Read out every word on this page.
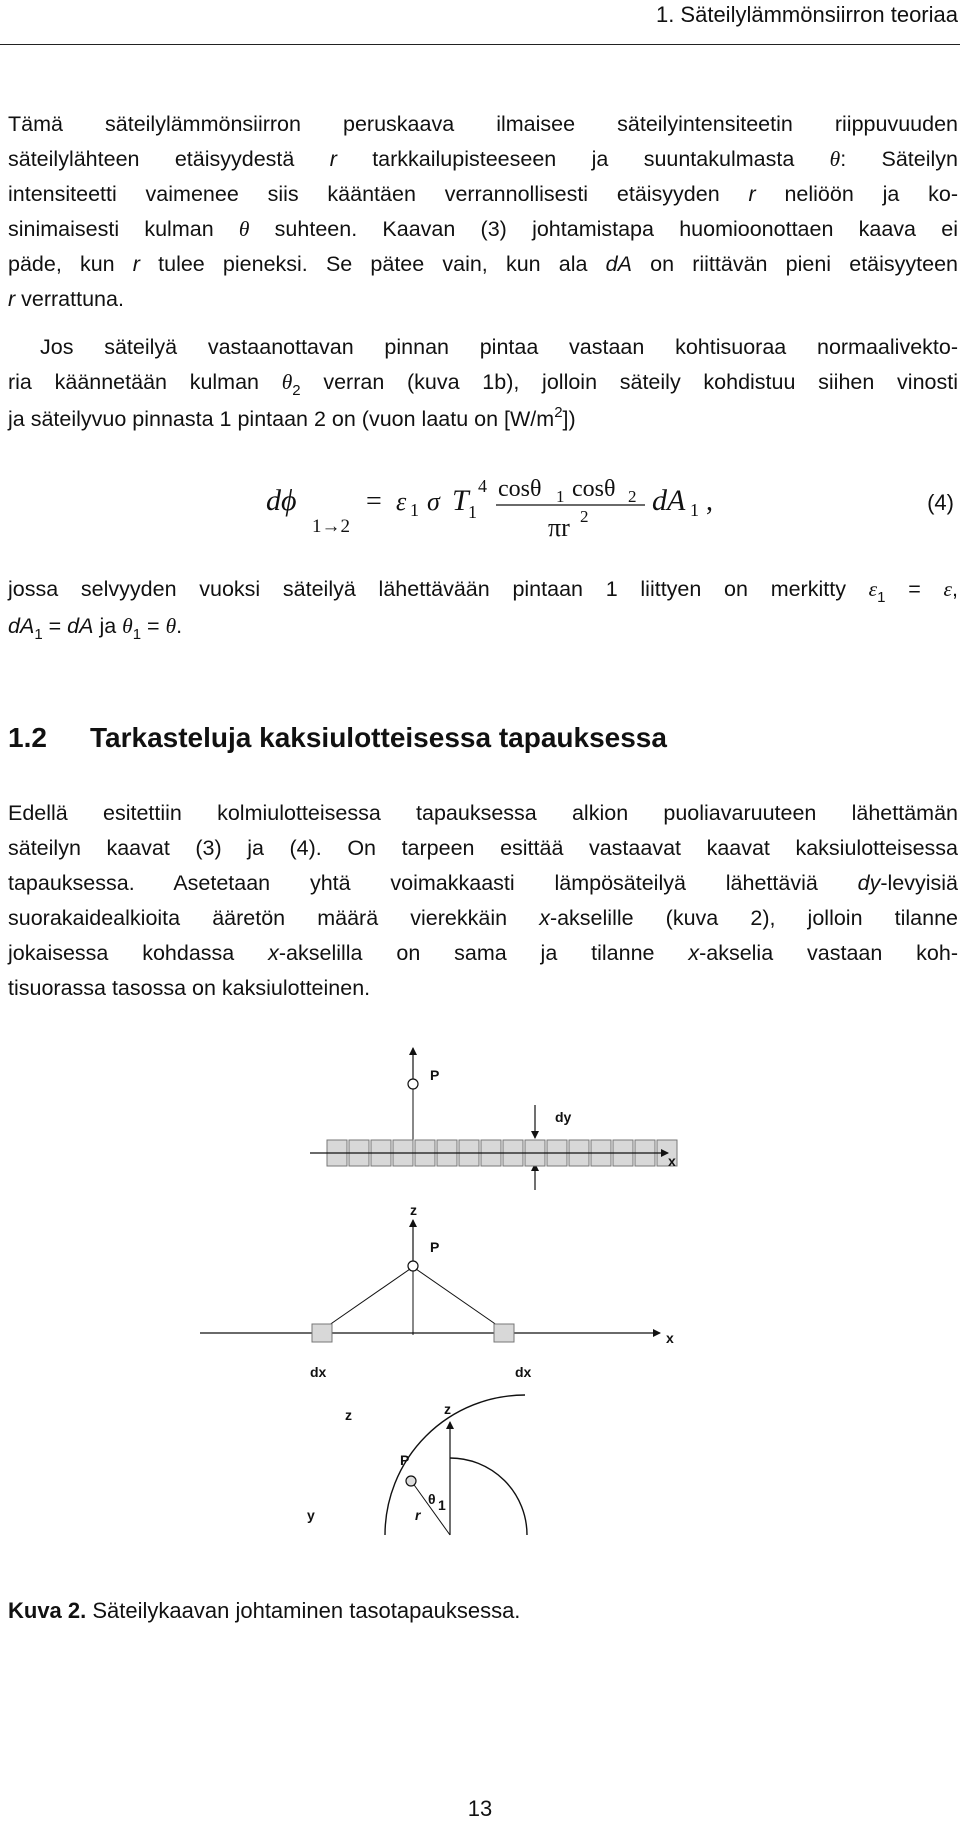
1. Säteilylämmönsiirron teoriaa

Tämä säteilylämmönsiirron peruskaava ilmaisee säteilyintensiteetin riippuvuuden
säteilylähteen etäisyydestä r tarkkailupisteeseen ja suuntakulmasta θ: Säteilyn
intensiteetti vaimenee siis kääntäen verrannollisesti etäisyyden r neliöön ja ko-
sinimaisesti kulman θ suhteen. Kaavan (3) johtamistapa huomioonottaen kaava ei
päde, kun r tulee pieneksi. Se pätee vain, kun ala dA on riittävän pieni etäisyyteen
r verrattuna.

Jos säteilyä vastaanottavan pinnan pintaa vastaan kohtisuoraa normaalivekto-
ria käännetään kulman $\theta_2$ verran (kuva 1b), jolloin säteily kohdistuu siihen vinosti
ja säteilyvuo pinnasta 1 pintaan 2 on (vuon laatu on $[W/m^2]$)

dϕ
1→2
= ε 1 σ T 1
4 cosθ 1 cosθ 2
πr 2 dA 1 ,	(4)

jossa selvyyden vuoksi säteilyä lähettävään pintaan 1 liittyen on merkitty $\varepsilon_1 = \varepsilon$,
$dA_1$ = dA ja $\theta_1 = \theta$.

1.2 Tarkasteluja kaksiulotteisessa tapauksessa

Edellä esitettiin kolmiulotteisessa tapauksessa alkion puoliavaruuteen lähettämän
säteilyn kaavat (3) ja (4). On tarpeen esittää vastaavat kaavat kaksiulotteisessa
tapauksessa. Asetetaan yhtä voimakkaasti lämpösäteilyä lähettäviä dy-levyisiä
suorakaidealkioita ääretön määrä vierekkäin x-akselille (kuva 2), jolloin tilanne
jokaisessa kohdassa x-akselilla on sama ja tilanne x-akselia vastaan koh-
tisuorassa tasossa on kaksiulotteinen.

P
dy
x
z
P
x
dx	dx
z	z
P
r
θ 1
y

Kuva 2. Säteilykaavan johtaminen tasotapauksessa.

13
